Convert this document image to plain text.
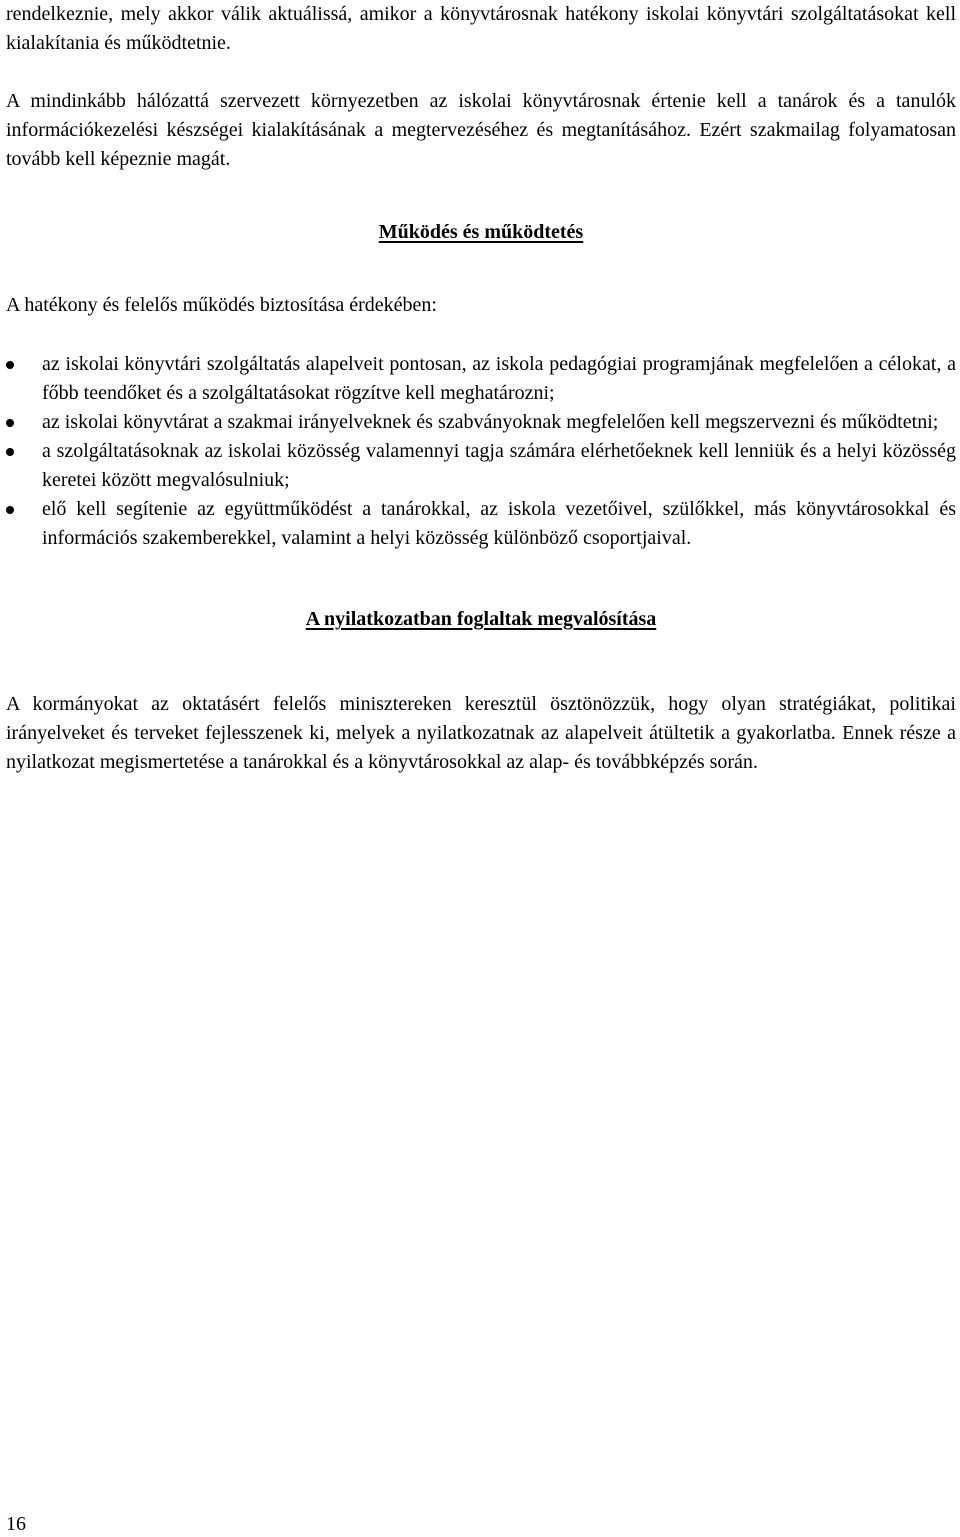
rendelkeznie, mely akkor válik aktuálissá, amikor a könyvtárosnak hatékony iskolai könyvtári szolgáltatásokat kell kialakítania és működtetnie.

A mindinkább hálózattá szervezett környezetben az iskolai könyvtárosnak értenie kell a tanárok és a tanulók információkezelési készségei kialakításának a megtervezéséhez és megtanításához. Ezért szakmailag folyamatosan tovább kell képeznie magát.

Működés és működtetés

A hatékony és felelős működés biztosítása érdekében:

az iskolai könyvtári szolgáltatás alapelveit pontosan, az iskola pedagógiai programjának megfelelően a célokat, a főbb teendőket és a szolgáltatásokat rögzítve kell meghatározni;
az iskolai könyvtárat a szakmai irányelveknek és szabványoknak megfelelően kell megszervezni és működtetni;
a szolgáltatásoknak az iskolai közösség valamennyi tagja számára elérhetőeknek kell lenniük és a helyi közösség keretei között megvalósulniuk;
elő kell segítenie az együttműködést a tanárokkal, az iskola vezetőivel, szülőkkel, más könyvtárosokkal és információs szakemberekkel, valamint a helyi közösség különböző csoportjaival.
A nyilatkozatban foglaltak megvalósítása

A kormányokat az oktatásért felelős minisztereken keresztül ösztönözzük, hogy olyan stratégiákat, politikai irányelveket és terveket fejlesszenek ki, melyek a nyilatkozatnak az alapelveit átültetik a gyakorlatba. Ennek része a nyilatkozat megismertetése a tanárokkal és a könyvtárosokkal az alap- és továbbképzés során.

16
